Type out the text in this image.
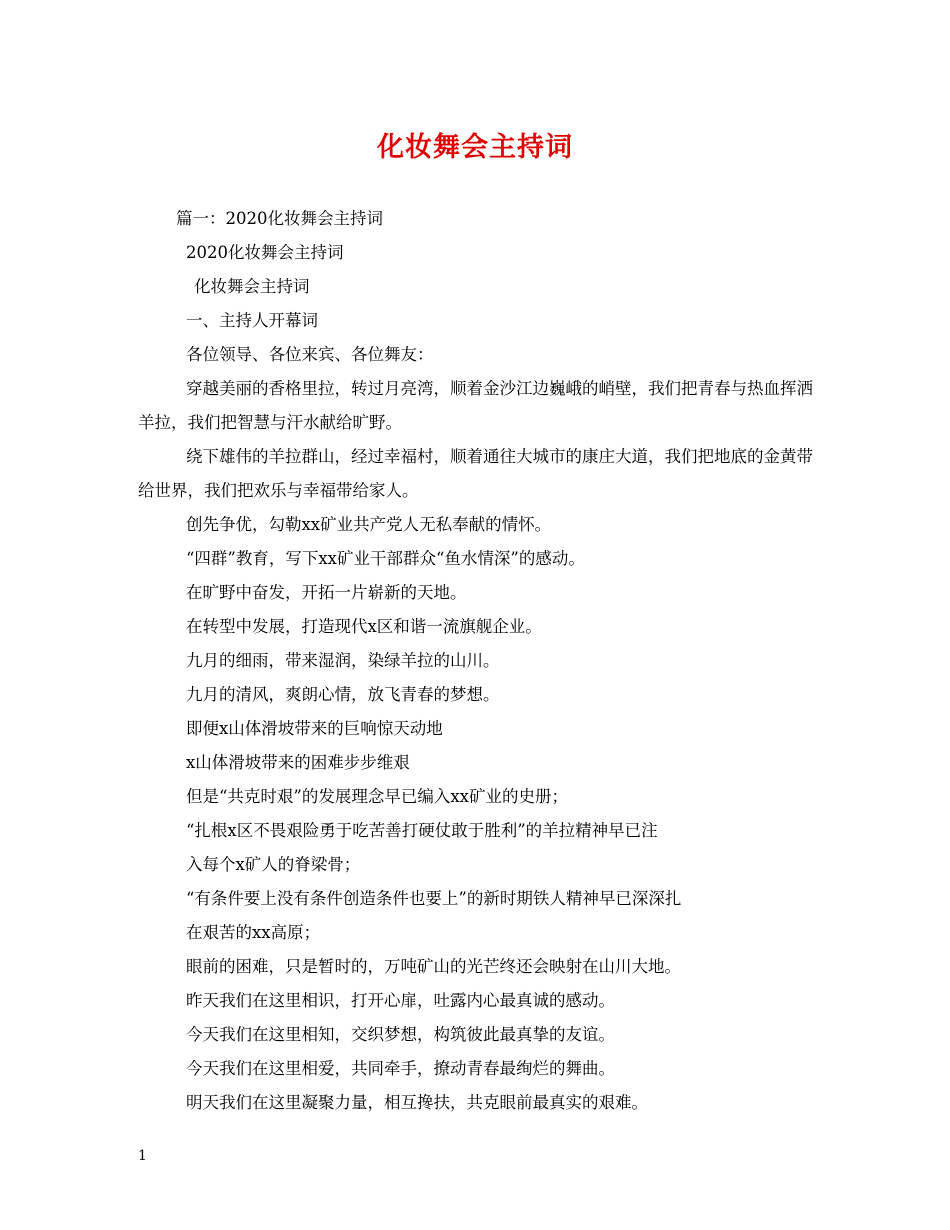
化妆舞会主持词

篇一：2020化妆舞会主持词

2020化妆舞会主持词

化妆舞会主持词

一、主持人开幕词

各位领导、各位来宾、各位舞友：

穿越美丽的香格里拉，转过月亮湾，顺着金沙江边巍峨的峭壁，我们把青春与热血挥洒羊拉，我们把智慧与汗水献给旷野。

绕下雄伟的羊拉群山，经过幸福村，顺着通往大城市的康庄大道，我们把地底的金黄带给世界，我们把欢乐与幸福带给家人。

创先争优，勾勒xx矿业共产党人无私奉献的情怀。

“四群”教育，写下xx矿业干部群众“鱼水情深”的感动。

在旷野中奋发，开拓一片崭新的天地。

在转型中发展，打造现代x区和谐一流旗舰企业。

九月的细雨，带来湿润，染绿羊拉的山川。

九月的清风，爽朗心情，放飞青春的梦想。

即便x山体滑坡带来的巨响惊天动地

x山体滑坡带来的困难步步维艰

但是“共克时艰”的发展理念早已编入xx矿业的史册；

“扎根x区不畏艰险勇于吃苦善打硬仗敢于胜利”的羊拉精神早已注

入每个x矿人的脊梁骨；

“有条件要上没有条件创造条件也要上”的新时期铁人精神早已深深扎

在艰苦的xx高原；

眼前的困难，只是暂时的，万吨矿山的光芒终还会映射在山川大地。

昨天我们在这里相识，打开心扉，吐露内心最真诚的感动。

今天我们在这里相知，交织梦想，构筑彼此最真挚的友谊。

今天我们在这里相爱，共同牵手，撩动青春最绚烂的舞曲。

明天我们在这里凝聚力量，相互搀扶，共克眼前最真实的艰难。

1
